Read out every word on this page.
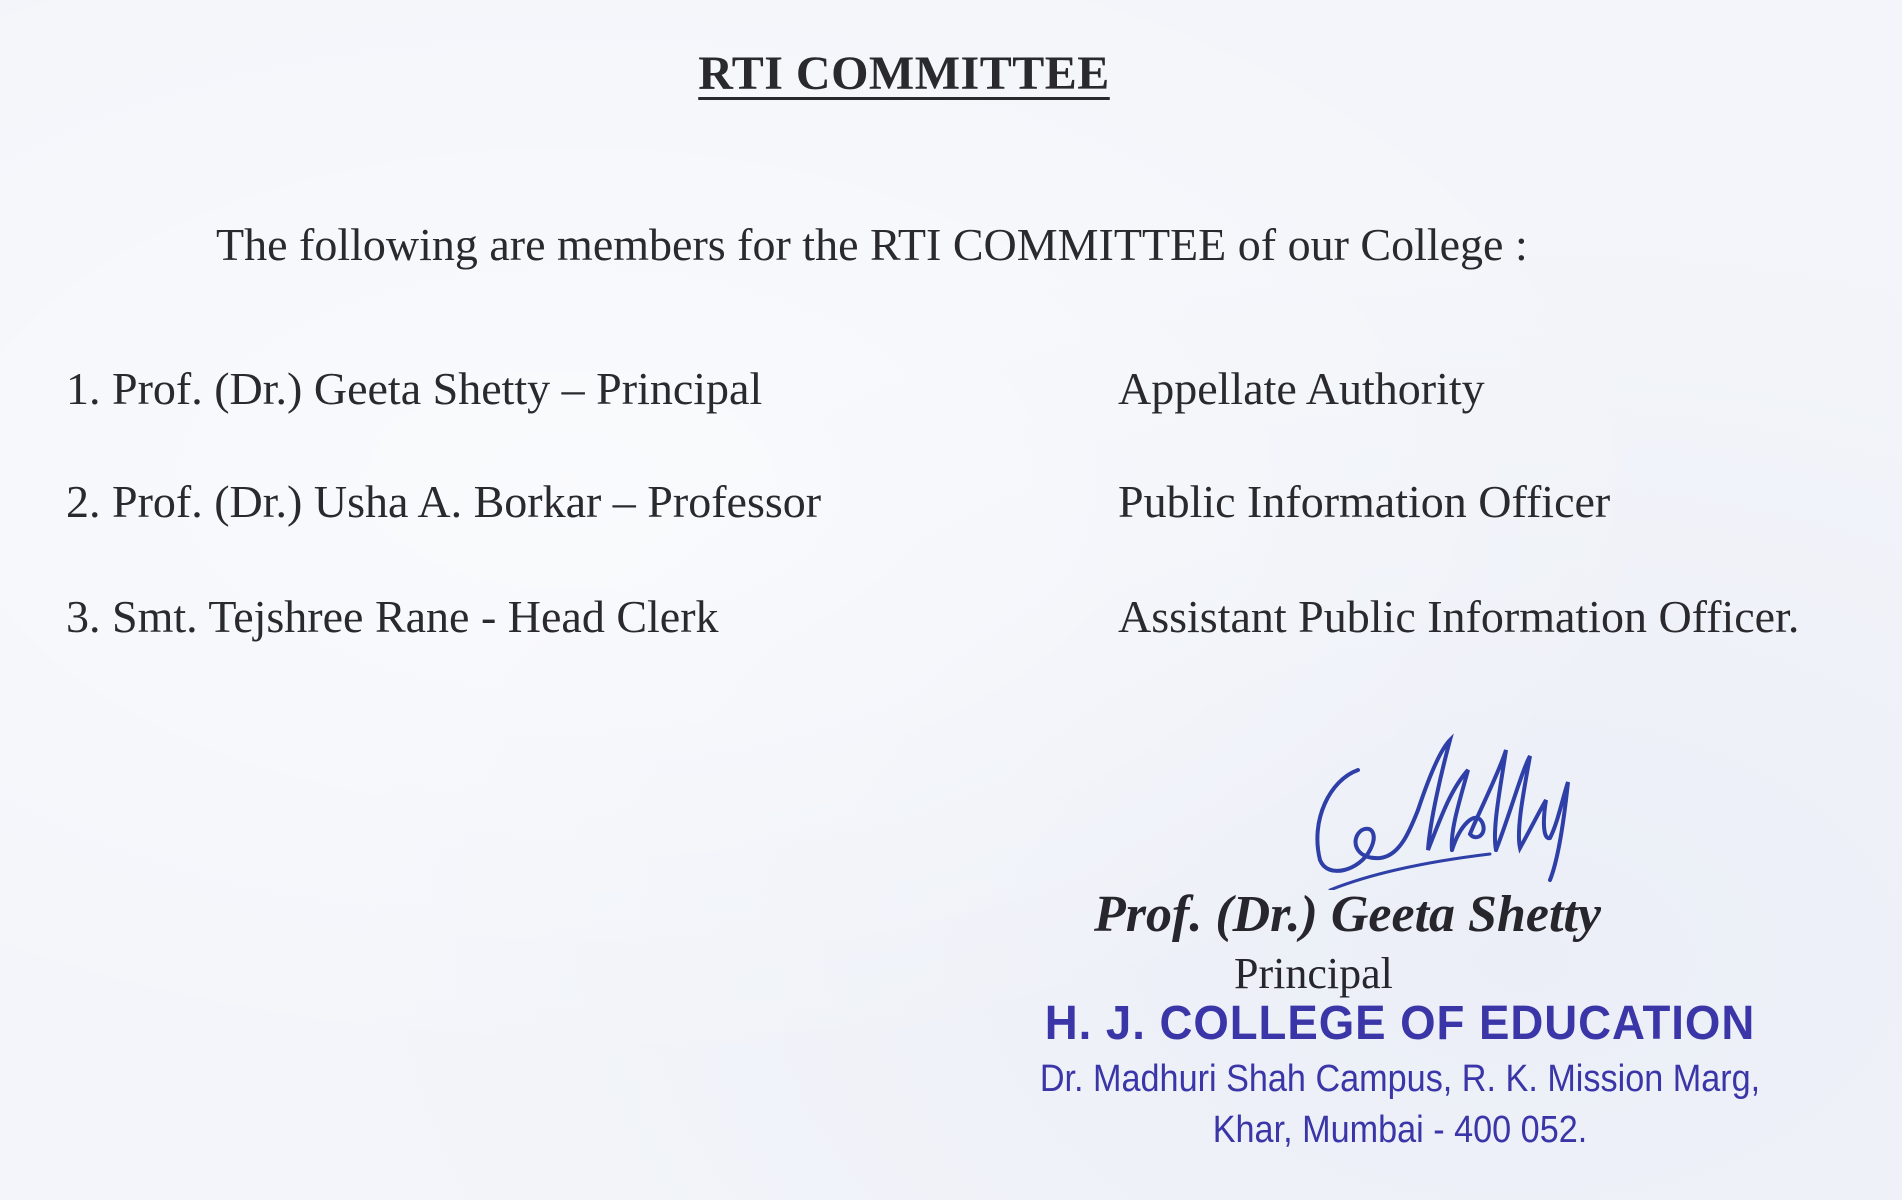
RTI COMMITTEE
The following are members for the RTI COMMITTEE of our College :
1. Prof. (Dr.) Geeta Shetty – Principal	Appellate Authority
2. Prof. (Dr.) Usha A. Borkar – Professor	Public Information Officer
3. Smt. Tejshree Rane - Head Clerk	Assistant Public Information Officer.
Prof. (Dr.) Geeta Shetty
Principal
H. J. COLLEGE OF EDUCATION
Dr. Madhuri Shah Campus, R. K. Mission Marg,
Khar, Mumbai - 400 052.
